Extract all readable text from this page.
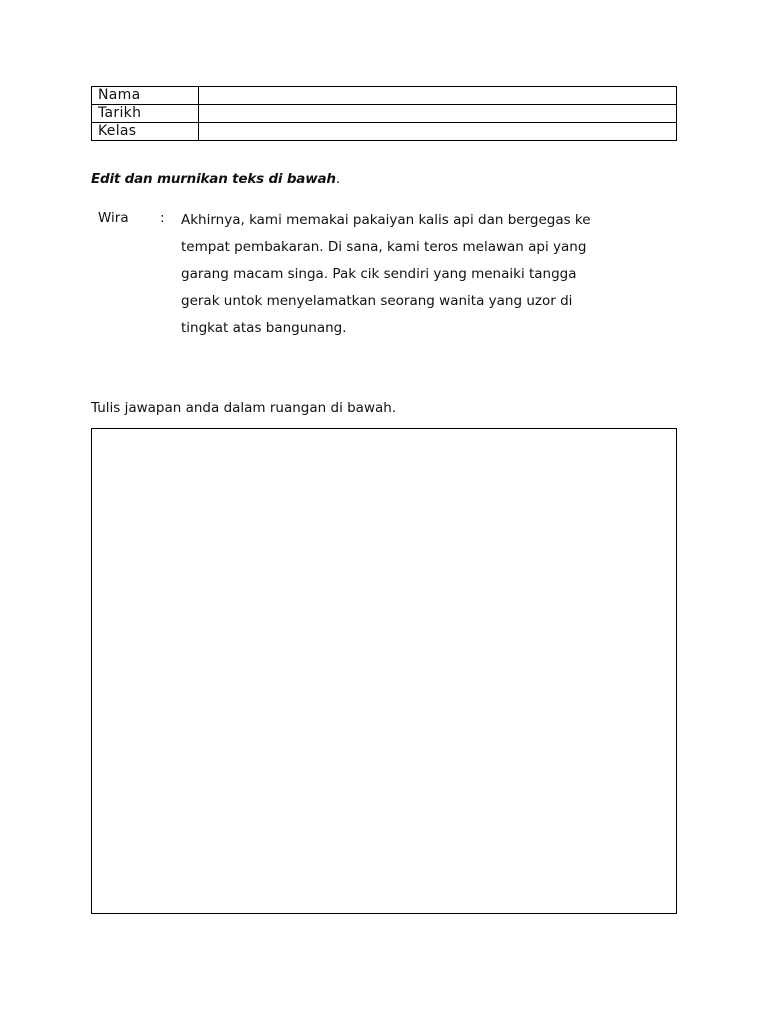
Nama	
Tarikh	
Kelas	
Edit dan murnikan teks di bawah.
Wira : Akhirnya, kami memakai pakaiyan kalis api dan bergegas ke
tempat pembakaran. Di sana, kami teros melawan api yang
garang macam singa. Pak cik sendiri yang menaiki tangga
gerak untok menyelamatkan seorang wanita yang uzor di
tingkat atas bangunang.
Tulis jawapan anda dalam ruangan di bawah.
